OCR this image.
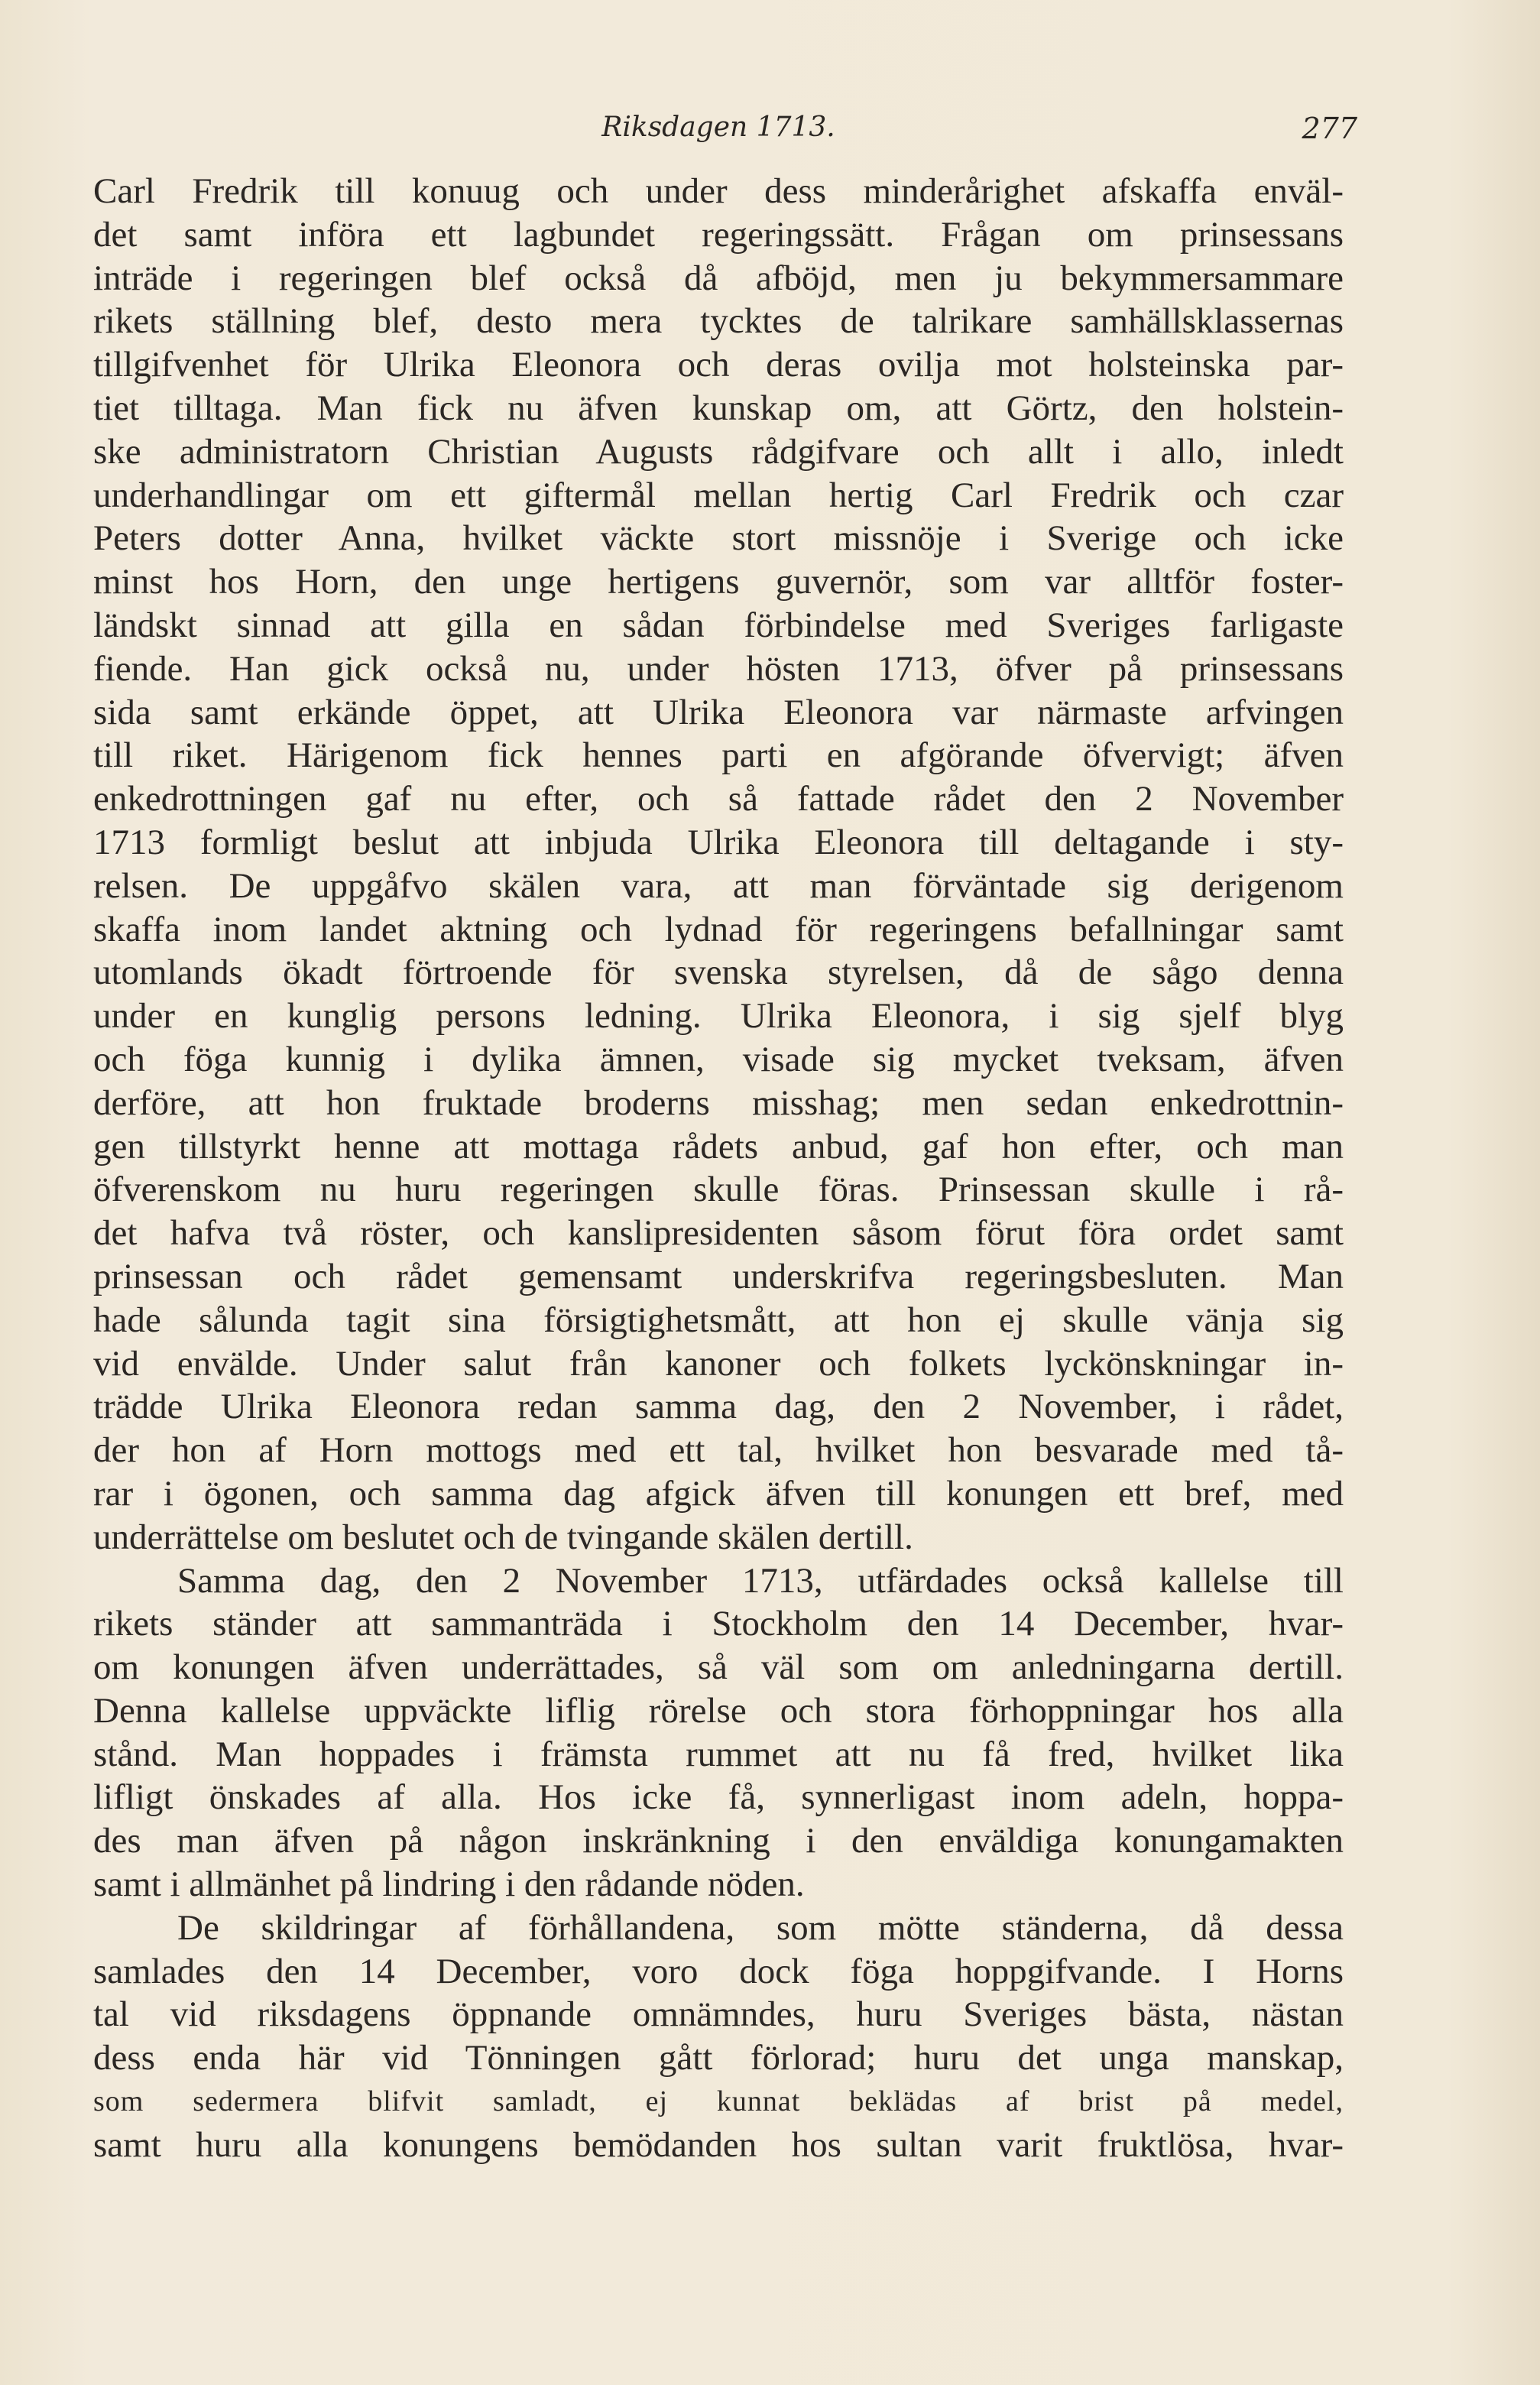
Riksdagen 1713.	277
Carl Fredrik till konuug och under dess minderårighet afskaffa enväl-
det samt införa ett lagbundet regeringssätt. Frågan om prinsessans
inträde i regeringen blef också då afböjd, men ju bekymmersammare
rikets ställning blef, desto mera tycktes de talrikare samhällsklassernas
tillgifvenhet för Ulrika Eleonora och deras ovilja mot holsteinska par-
tiet tilltaga. Man fick nu äfven kunskap om, att Görtz, den holstein-
ske administratorn Christian Augusts rådgifvare och allt i allo, inledt
underhandlingar om ett giftermål mellan hertig Carl Fredrik och czar
Peters dotter Anna, hvilket väckte stort missnöje i Sverige och icke
minst hos Horn, den unge hertigens guvernör, som var alltför foster-
ländskt sinnad att gilla en sådan förbindelse med Sveriges farligaste
fiende. Han gick också nu, under hösten 1713, öfver på prinsessans
sida samt erkände öppet, att Ulrika Eleonora var närmaste arfvingen
till riket. Härigenom fick hennes parti en afgörande öfvervigt; äfven
enkedrottningen gaf nu efter, och så fattade rådet den 2 November
1713 formligt beslut att inbjuda Ulrika Eleonora till deltagande i sty-
relsen. De uppgåfvo skälen vara, att man förväntade sig derigenom
skaffa inom landet aktning och lydnad för regeringens befallningar samt
utomlands ökadt förtroende för svenska styrelsen, då de sågo denna
under en kunglig persons ledning. Ulrika Eleonora, i sig sjelf blyg
och föga kunnig i dylika ämnen, visade sig mycket tveksam, äfven
derföre, att hon fruktade broderns misshag; men sedan enkedrottnin-
gen tillstyrkt henne att mottaga rådets anbud, gaf hon efter, och man
öfverenskom nu huru regeringen skulle föras. Prinsessan skulle i rå-
det hafva två röster, och kanslipresidenten såsom förut föra ordet samt
prinsessan och rådet gemensamt underskrifva regeringsbesluten. Man
hade sålunda tagit sina försigtighetsmått, att hon ej skulle vänja sig
vid envälde. Under salut från kanoner och folkets lyckönskningar in-
trädde Ulrika Eleonora redan samma dag, den 2 November, i rådet,
der hon af Horn mottogs med ett tal, hvilket hon besvarade med tå-
rar i ögonen, och samma dag afgick äfven till konungen ett bref, med
underrättelse om beslutet och de tvingande skälen dertill.
Samma dag, den 2 November 1713, utfärdades också kallelse till
rikets ständer att sammanträda i Stockholm den 14 December, hvar-
om konungen äfven underrättades, så väl som om anledningarna dertill.
Denna kallelse uppväckte liflig rörelse och stora förhoppningar hos alla
stånd. Man hoppades i främsta rummet att nu få fred, hvilket lika
lifligt önskades af alla. Hos icke få, synnerligast inom adeln, hoppa-
des man äfven på någon inskränkning i den enväldiga konungamakten
samt i allmänhet på lindring i den rådande nöden.
De skildringar af förhållandena, som mötte ständerna, då dessa
samlades den 14 December, voro dock föga hoppgifvande. I Horns
tal vid riksdagens öppnande omnämndes, huru Sveriges bästa, nästan
dess enda här vid Tönningen gått förlorad; huru det unga manskap,
som sedermera blifvit samladt, ej kunnat beklädas af brist på medel,
samt huru alla konungens bemödanden hos sultan varit fruktlösa, hvar-
